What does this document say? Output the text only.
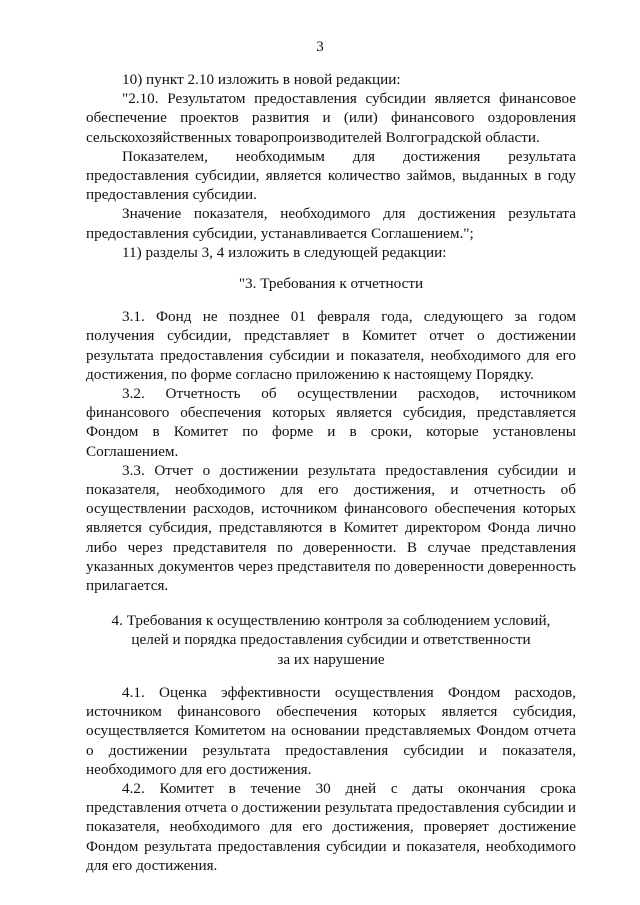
3

10) пункт 2.10 изложить в новой редакции:

"2.10. Результатом предоставления субсидии является финансовое обеспечение проектов развития и (или) финансового оздоровления сельскохозяйственных товаропроизводителей Волгоградской области.

Показателем, необходимым для достижения результата предоставления субсидии, является количество займов, выданных в году предоставления субсидии.

Значение показателя, необходимого для достижения результата предоставления субсидии, устанавливается Соглашением.";

11) разделы 3, 4 изложить в следующей редакции:

"3. Требования к отчетности

3.1. Фонд не позднее 01 февраля года, следующего за годом получения субсидии, представляет в Комитет отчет о достижении результата предоставления субсидии и показателя, необходимого для его достижения, по форме согласно приложению к настоящему Порядку.

3.2. Отчетность об осуществлении расходов, источником финансового обеспечения которых является субсидия, представляется Фондом в Комитет по форме и в сроки, которые установлены Соглашением.

3.3. Отчет о достижении результата предоставления субсидии и показателя, необходимого для его достижения, и отчетность об осуществлении расходов, источником финансового обеспечения которых является субсидия, представляются в Комитет директором Фонда лично либо через представителя по доверенности. В случае представления указанных документов через представителя по доверенности доверенность прилагается.

4. Требования к осуществлению контроля за соблюдением условий,

целей и порядка предоставления субсидии и ответственности

за их нарушение

4.1. Оценка эффективности осуществления Фондом расходов, источником финансового обеспечения которых является субсидия, осуществляется Комитетом на основании представляемых Фондом отчета о достижении результата предоставления субсидии и показателя, необходимого для его достижения.

4.2. Комитет в течение 30 дней с даты окончания срока представления отчета о достижении результата предоставления субсидии и показателя, необходимого для его достижения, проверяет достижение Фондом результата предоставления субсидии и показателя, необходимого для его достижения.
